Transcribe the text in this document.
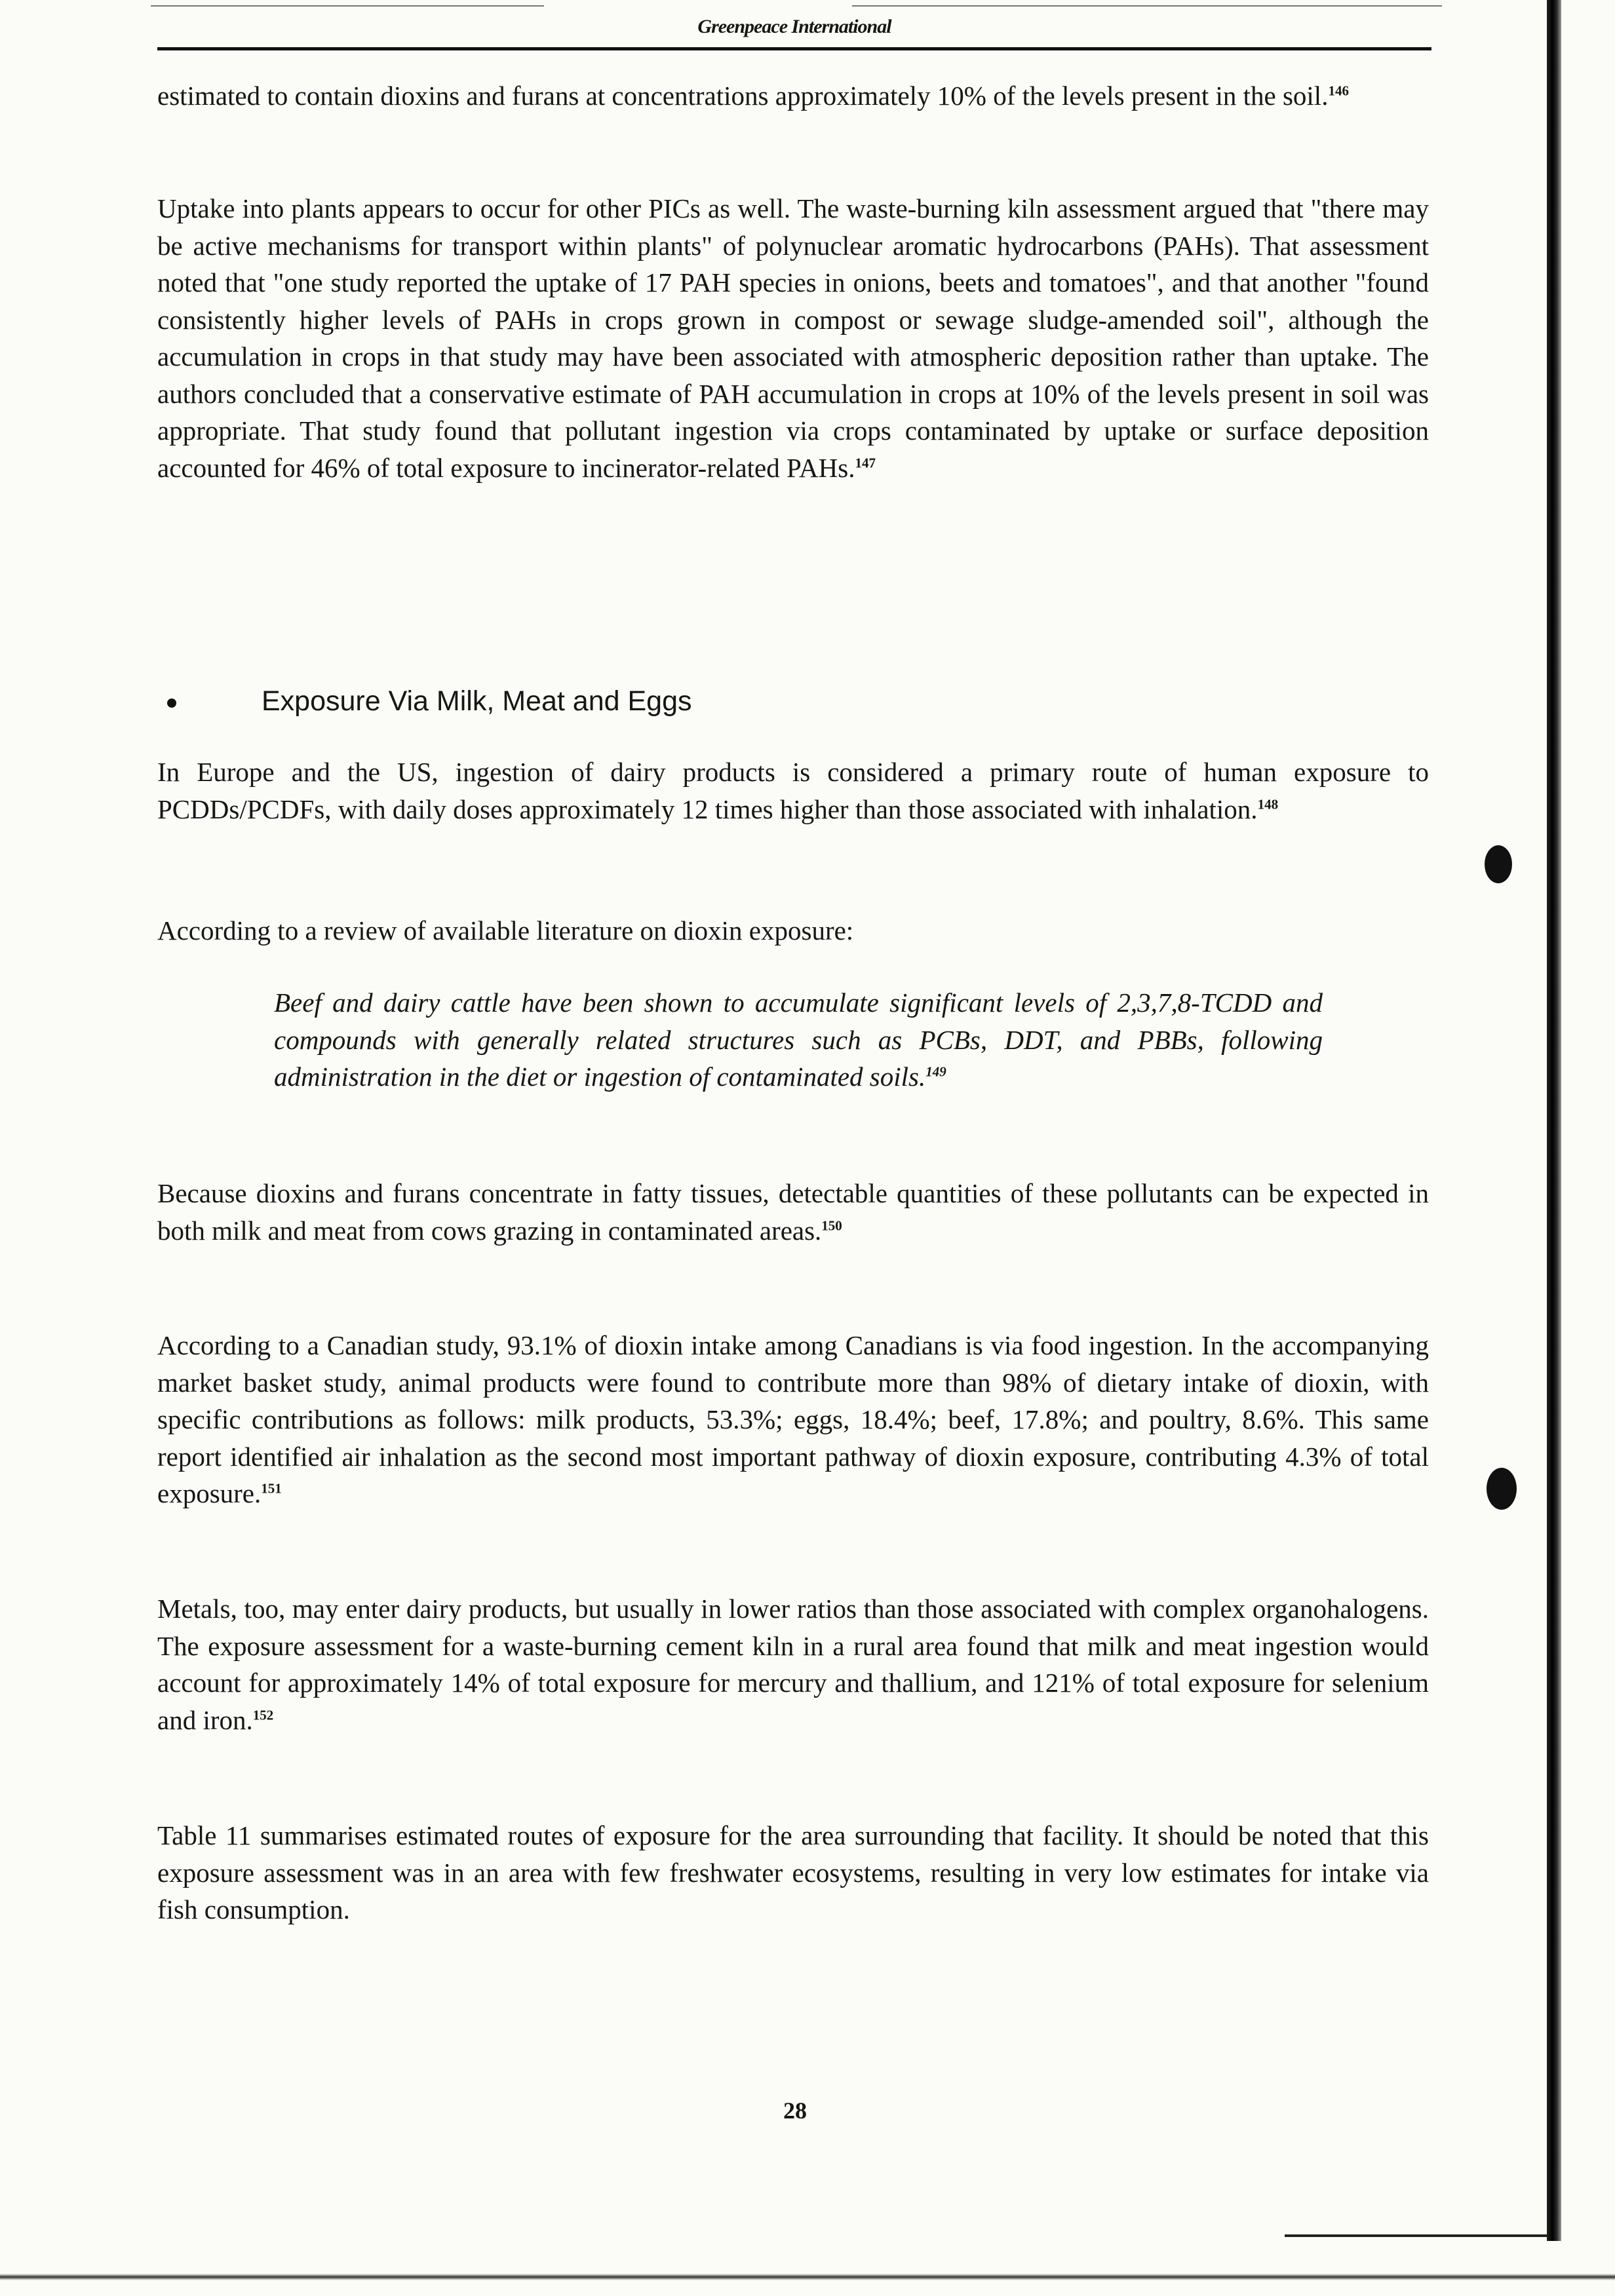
Greenpeace International

estimated to contain dioxins and furans at concentrations approximately 10% of the levels present in the soil.$^{146}$

Uptake into plants appears to occur for other PICs as well. The waste-burning kiln assessment argued that "there may be active mechanisms for transport within plants" of polynuclear aromatic hydrocarbons (PAHs). That assessment noted that "one study reported the uptake of 17 PAH species in onions, beets and tomatoes", and that another "found consistently higher levels of PAHs in crops grown in compost or sewage sludge-amended soil", although the accumulation in crops in that study may have been associated with atmospheric deposition rather than uptake. The authors concluded that a conservative estimate of PAH accumulation in crops at 10% of the levels present in soil was appropriate. That study found that pollutant ingestion via crops contaminated by uptake or surface deposition accounted for 46% of total exposure to incinerator-related PAHs.$^{147}$

Exposure Via Milk, Meat and Eggs

In Europe and the US, ingestion of dairy products is considered a primary route of human exposure to PCDDs/PCDFs, with daily doses approximately 12 times higher than those associated with inhalation.$^{148}$

According to a review of available literature on dioxin exposure:

Beef and dairy cattle have been shown to accumulate significant levels of 2,3,7,8-TCDD and compounds with generally related structures such as PCBs, DDT, and PBBs, following administration in the diet or ingestion of contaminated soils.$^{149}$

Because dioxins and furans concentrate in fatty tissues, detectable quantities of these pollutants can be expected in both milk and meat from cows grazing in contaminated areas.$^{150}$

According to a Canadian study, 93.1% of dioxin intake among Canadians is via food ingestion. In the accompanying market basket study, animal products were found to contribute more than 98% of dietary intake of dioxin, with specific contributions as follows: milk products, 53.3%; eggs, 18.4%; beef, 17.8%; and poultry, 8.6%. This same report identified air inhalation as the second most important pathway of dioxin exposure, contributing 4.3% of total exposure.$^{151}$

Metals, too, may enter dairy products, but usually in lower ratios than those associated with complex organohalogens. The exposure assessment for a waste-burning cement kiln in a rural area found that milk and meat ingestion would account for approximately 14% of total exposure for mercury and thallium, and 121% of total exposure for selenium and iron.$^{152}$

Table 11 summarises estimated routes of exposure for the area surrounding that facility. It should be noted that this exposure assessment was in an area with few freshwater ecosystems, resulting in very low estimates for intake via fish consumption.

28
